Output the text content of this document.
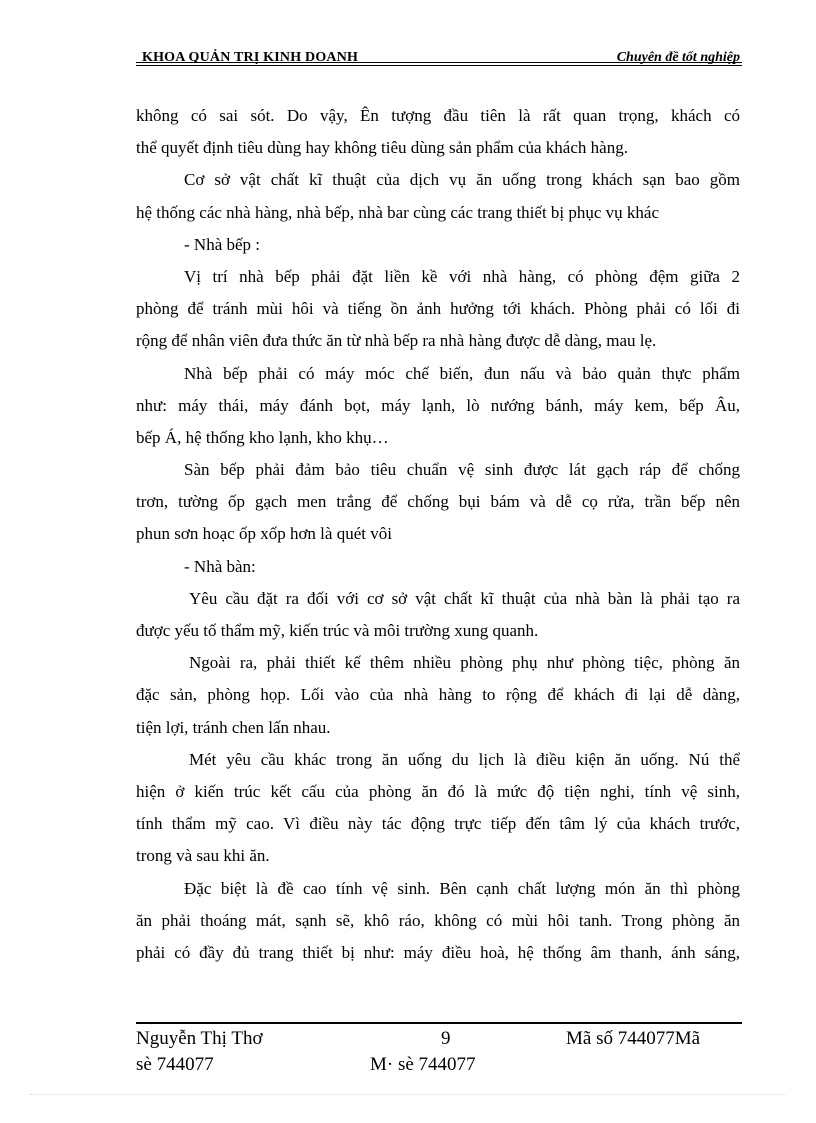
KHOA QUẢN TRỊ KINH DOANH	Chuyên đề tốt nghiệp
không có sai sót. Do vậy, Ên tượng đầu tiên là rất quan trọng, khách có
thể quyết định tiêu dùng hay không tiêu dùng sản phẩm của khách hàng.
Cơ sở vật chất kĩ thuật của dịch vụ ăn uống trong khách sạn bao gồm
hệ thống các nhà hàng, nhà bếp, nhà bar cùng các trang thiết bị phục vụ khác
- Nhà bếp :
Vị trí nhà bếp phải đặt liền kề với nhà hàng, có phòng đệm giữa 2
phòng để tránh mùi hôi và tiếng ồn ảnh hưởng tới khách. Phòng phải có lối đi
rộng để nhân viên đưa thức ăn từ nhà bếp ra nhà hàng được dễ dàng, mau lẹ.
Nhà bếp phải có máy móc chế biến, đun nấu và bảo quản thực phẩm
như: máy thái, máy đánh bọt, máy lạnh, lò nướng bánh, máy kem, bếp Âu,
bếp Á, hệ thống kho lạnh, kho khụ…
Sàn bếp phải đảm bảo tiêu chuẩn vệ sinh được lát gạch ráp để chống
trơn, tường ốp gạch men trắng để chống bụi bám và dễ cọ rửa, trần bếp nên
phun sơn hoạc ốp xốp hơn là quét vôi
- Nhà bàn:
Yêu cầu đặt ra đối với cơ sở vật chất kĩ thuật của nhà bàn là phải tạo ra
được yếu tố thẩm mỹ, kiến trúc và môi trường xung quanh.
Ngoài ra, phải thiết kế thêm nhiều phòng phụ như phòng tiệc, phòng ăn
đặc sản, phòng họp. Lối vào của nhà hàng to rộng để khách đi lại dễ dàng,
tiện lợi, tránh chen lấn nhau.
Mét yêu cầu khác trong ăn uống du lịch là điều kiện ăn uống. Nú thể
hiện ở kiến trúc kết cấu của phòng ăn đó là mức độ tiện nghi, tính vệ sinh,
tính thẩm mỹ cao. Vì điều này tác động trực tiếp đến tâm lý của khách trước,
trong và sau khi ăn.
Đặc biệt là đề cao tính vệ sinh. Bên cạnh chất lượng món ăn thì phòng
ăn phải thoáng mát, sạnh sẽ, khô ráo, không có mùi hôi tanh. Trong phòng ăn
phải có đầy đủ trang thiết bị như: máy điều hoà, hệ thống âm thanh, ánh sáng,
Nguyễn Thị Thơ	9	Mã số 744077Mã
sè 744077	M· sè 744077
